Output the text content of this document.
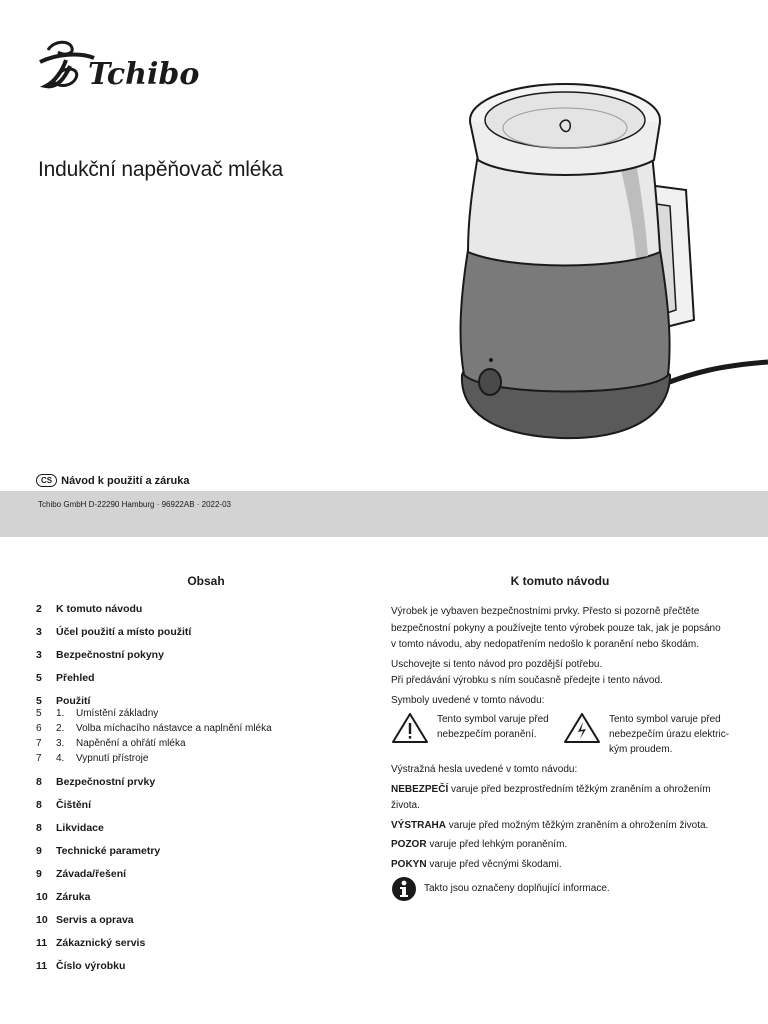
Tchibo
Indukční napěňovač mléka
CS Návod k použití a záruka
Tchibo GmbH D-22290 Hamburg · 96922AB · 2022-03
Obsah
2	K tomuto návodu
3	Účel použití a místo použití
3	Bezpečnostní pokyny
5	Přehled
5	Použití
5	1.	Umístění základny
6	2.	Volba míchacího nástavce a naplnění mléka
7	3.	Napěnění a ohřátí mléka
7	4.	Vypnutí přístroje
8	Bezpečnostní prvky
8	Čištění
8	Likvidace
9	Technické parametry
9	Závada/řešení
10 Záruka
10 Servis a oprava
11 Zákaznický servis
11 Číslo výrobku
K tomuto návodu

Výrobek je vybaven bezpečnostními prvky. Přesto si pozorně přečtěte
bezpečnostní pokyny a používejte tento výrobek pouze tak, jak je popsáno
v tomto návodu, aby nedopatřením nedošlo k poranění nebo škodám.

Uschovejte si tento návod pro pozdější potřebu.
Při předávání výrobku s ním současně předejte i tento návod.

Symboly uvedené v tomto návodu:

Tento symbol varuje před
nebezpečím poranění.
Tento symbol varuje před
nebezpečím úrazu elektric-
kým proudem.

Výstražná hesla uvedené v tomto návodu:

NEBEZPEČÍ varuje před bezprostředním těžkým zraněním a ohrožením života.

VÝSTRAHA varuje před možným těžkým zraněním a ohrožením života.

POZOR varuje před lehkým poraněním.

POKYN varuje před věcnými škodami.

Takto jsou označeny doplňující informace.
